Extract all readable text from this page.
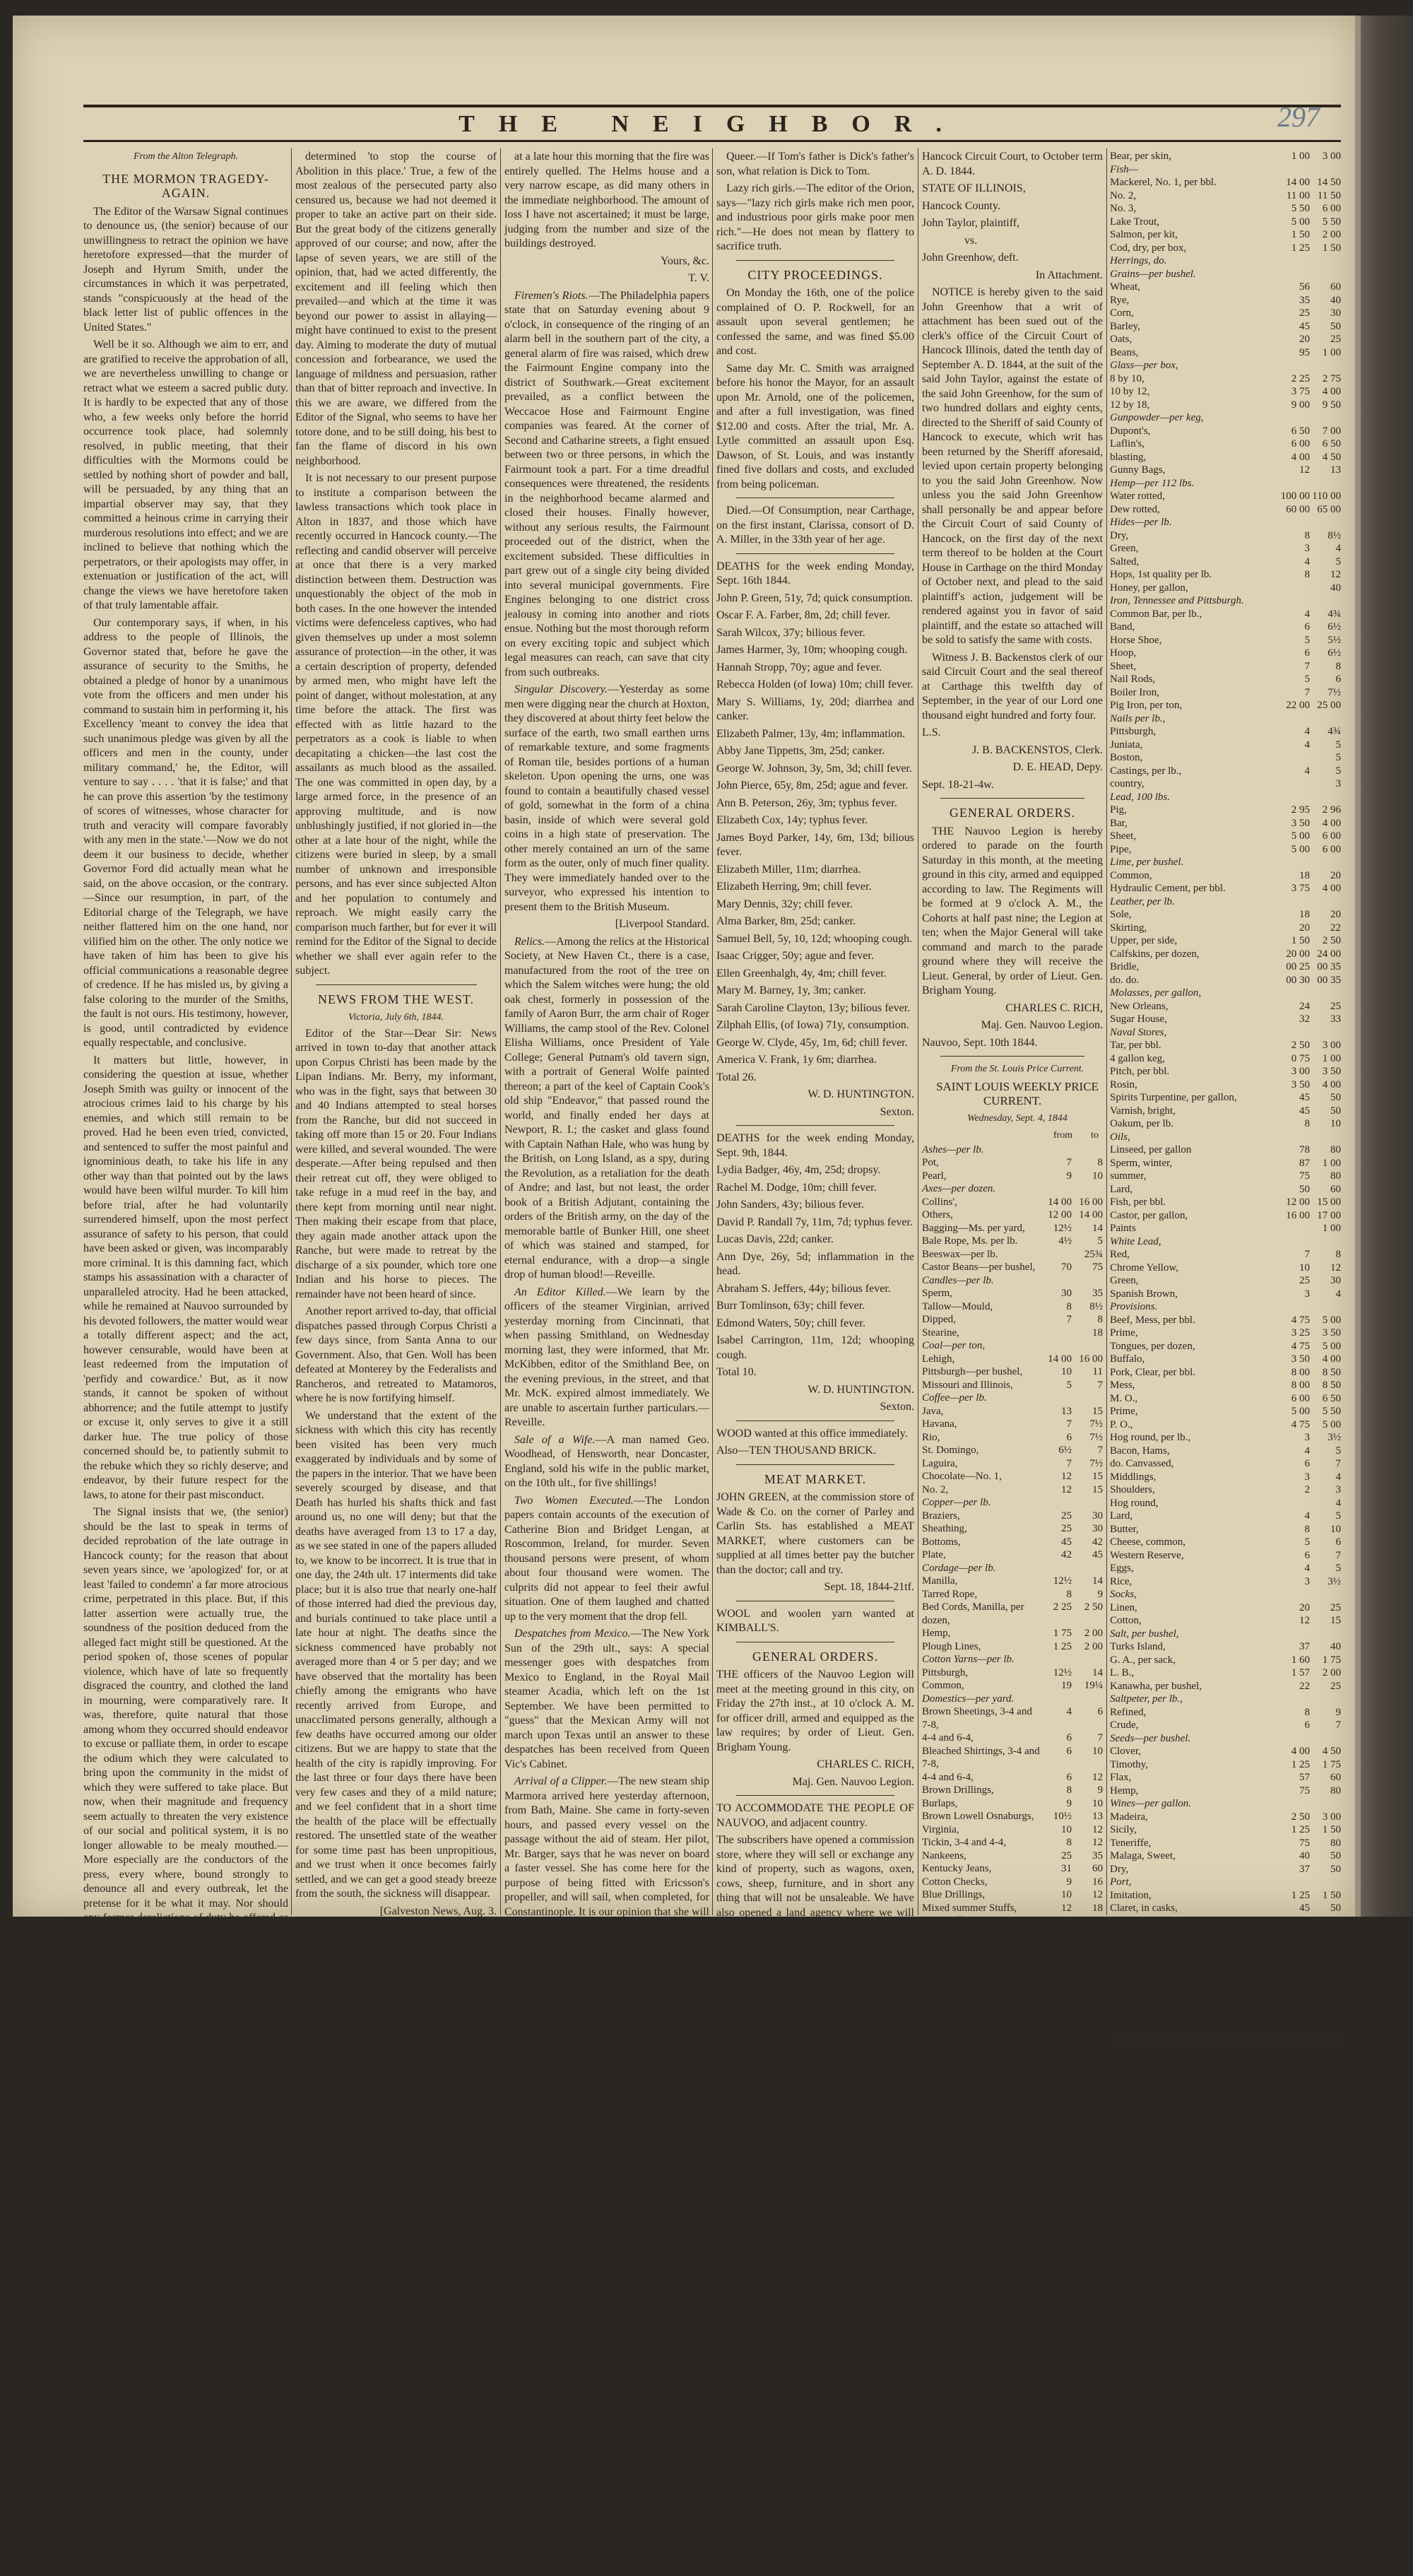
THE NEIGHBOR.	297

From the Alton Telegraph.

THE MORMON TRAGEDY-AGAIN.

The Editor of the Warsaw Signal continues to denounce us, (the senior) because of our unwillingness to retract the opinion we have heretofore expressed—that the murder of Joseph and Hyrum Smith, under the circumstances in which it was perpetrated, stands "conspicuously at the head of the black letter list of public offences in the United States."

Well be it so. Although we aim to err, and are gratified to receive the approbation of all, we are nevertheless unwilling to change or retract what we esteem a sacred public duty. It is hardly to be expected that any of those who, a few weeks only before the horrid occurrence took place, had solemnly resolved, in public meeting, that their difficulties with the Mormons could be settled by nothing short of powder and ball, will be persuaded, by any thing that an impartial observer may say, that they committed a heinous crime in carrying their murderous resolutions into effect; and we are inclined to believe that nothing which the perpetrators, or their apologists may offer, in extenuation or justification of the act, will change the views we have heretofore taken of that truly lamentable affair.

Our contemporary says, if when, in his address to the people of Illinois, the Governor stated that, before he gave the assurance of security to the Smiths, he obtained a pledge of honor by a unanimous vote from the officers and men under his command to sustain him in performing it, his Excellency 'meant to convey the idea that such unanimous pledge was given by all the officers and men in the county, under military command,' he, the Editor, will venture to say . . . . 'that it is false;' and that he can prove this assertion 'by the testimony of scores of witnesses, whose character for truth and veracity will compare favorably with any men in the state.'—Now we do not deem it our business to decide, whether Governor Ford did actually mean what he said, on the above occasion, or the contrary.—Since our resumption, in part, of the Editorial charge of the Telegraph, we have neither flattered him on the one hand, nor vilified him on the other. The only notice we have taken of him has been to give his official communications a reasonable degree of credence. If he has misled us, by giving a false coloring to the murder of the Smiths, the fault is not ours. His testimony, however, is good, until contradicted by evidence equally respectable, and conclusive.

It matters but little, however, in considering the question at issue, whether Joseph Smith was guilty or innocent of the atrocious crimes laid to his charge by his enemies, and which still remain to be proved. Had he been even tried, convicted, and sentenced to suffer the most painful and ignominious death, to take his life in any other way than that pointed out by the laws would have been wilful murder. To kill him before trial, after he had voluntarily surrendered himself, upon the most perfect assurance of safety to his person, that could have been asked or given, was incomparably more criminal. It is this damning fact, which stamps his assassination with a character of unparalleled atrocity. Had he been attacked, while he remained at Nauvoo surrounded by his devoted followers, the matter would wear a totally different aspect; and the act, however censurable, would have been at least redeemed from the imputation of 'perfidy and cowardice.' But, as it now stands, it cannot be spoken of without abhorrence; and the futile attempt to justify or excuse it, only serves to give it a still darker hue. The true policy of those concerned should be, to patiently submit to the rebuke which they so richly deserve; and endeavor, by their future respect for the laws, to atone for their past misconduct.

The Signal insists that we, (the senior) should be the last to speak in terms of decided reprobation of the late outrage in Hancock county; for the reason that about seven years since, we 'apologized' for, or at least 'failed to condemn' a far more atrocious crime, perpetrated in this place. But, if this latter assertion were actually true, the soundness of the position deduced from the alleged fact might still be questioned. At the period spoken of, those scenes of popular violence, which have of late so frequently disgraced the country, and clothed the land in mourning, were comparatively rare. It was, therefore, quite natural that those among whom they occurred should endeavor to excuse or palliate them, in order to escape the odium which they were calculated to bring upon the community in the midst of which they were suffered to take place. But now, when their magnitude and frequency seem actually to threaten the very existence of our social and political system, it is no longer allowable to be mealy mouthed.—More especially are the conductors of the press, every where, bound strongly to denounce all and every outbreak, let the pretense for it be what it may. Nor should any former derelictions of duty be offered as an excuse for a similar neglect at a time like this, when a resort to mob violence appears to be so fearfully on the increase in almost every part of the Union.

But, it is not the fact, that we either 'apologized' for, or 'failed to condemn' the riots which unhappily occurred in this city in 1837. On the contrary, we denounced them in terms sufficiently decided to provoke the resentment of some of the individuals concerned, who anonymously threatened our press with demolition, and our person with violence, for having, as they alleged, spoken too harshly of 'those gentlemen' who had

determined 'to stop the course of Abolition in this place.' True, a few of the most zealous of the persecuted party also censured us, because we had not deemed it proper to take an active part on their side. But the great body of the citizens generally approved of our course; and now, after the lapse of seven years, we are still of the opinion, that, had we acted differently, the excitement and ill feeling which then prevailed—and which at the time it was beyond our power to assist in allaying—might have continued to exist to the present day. Aiming to moderate the duty of mutual concession and forbearance, we used the language of mildness and persuasion, rather than that of bitter reproach and invective. In this we are aware, we differed from the Editor of the Signal, who seems to have her totore done, and to be still doing, his best to fan the flame of discord in his own neighborhood.

It is not necessary to our present purpose to institute a comparison between the lawless transactions which took place in Alton in 1837, and those which have recently occurred in Hancock county.—The reflecting and candid observer will perceive at once that there is a very marked distinction between them. Destruction was unquestionably the object of the mob in both cases. In the one however the intended victims were defenceless captives, who had given themselves up under a most solemn assurance of protection—in the other, it was a certain description of property, defended by armed men, who might have left the point of danger, without molestation, at any time before the attack. The first was effected with as little hazard to the perpetrators as a cook is liable to when decapitating a chicken—the last cost the assailants as much blood as the assailed. The one was committed in open day, by a large armed force, in the presence of an approving multitude, and is now unblushingly justified, if not gloried in—the other at a late hour of the night, while the citizens were buried in sleep, by a small number of unknown and irresponsible persons, and has ever since subjected Alton and her population to contumely and reproach. We might easily carry the comparison much farther, but for ever it will remind for the Editor of the Signal to decide whether we shall ever again refer to the subject.

NEWS FROM THE WEST.

Victoria, July 6th, 1844.

Editor of the Star—Dear Sir: News arrived in town to-day that another attack upon Corpus Christi has been made by the Lipan Indians. Mr. Berry, my informant, who was in the fight, says that between 30 and 40 Indians attempted to steal horses from the Ranche, but did not succeed in taking off more than 15 or 20. Four Indians were killed, and several wounded. The were desperate.—After being repulsed and then their retreat cut off, they were obliged to take refuge in a mud reef in the bay, and there kept from morning until near night. Then making their escape from that place, they again made another attack upon the Ranche, but were made to retreat by the discharge of a six pounder, which tore one Indian and his horse to pieces. The remainder have not been heard of since.

Another report arrived to-day, that official dispatches passed through Corpus Christi a few days since, from Santa Anna to our Government. Also, that Gen. Woll has been defeated at Monterey by the Federalists and Rancheros, and retreated to Matamoros, where he is now fortifying himself.

We understand that the extent of the sickness with which this city has recently been visited has been very much exaggerated by individuals and by some of the papers in the interior. That we have been severely scourged by disease, and that Death has hurled his shafts thick and fast around us, no one will deny; but that the deaths have averaged from 13 to 17 a day, as we see stated in one of the papers alluded to, we know to be incorrect. It is true that in one day, the 24th ult. 17 interments did take place; but it is also true that nearly one-half of those interred had died the previous day, and burials continued to take place until a late hour at night. The deaths since the sickness commenced have probably not averaged more than 4 or 5 per day; and we have observed that the mortality has been chiefly among the emigrants who have recently arrived from Europe, and unacclimated persons generally, although a few deaths have occurred among our older citizens. But we are happy to state that the health of the city is rapidly improving. For the last three or four days there have been very few cases and they of a mild nature; and we feel confident that in a short time the health of the place will be effectually restored. The unsettled state of the weather for some time past has been unpropitious, and we trust when it once becomes fairly settled, and we can get a good steady breeze from the south, the sickness will disappear.

[Galveston News, Aug. 3.

Great Fire in Cincinnati.

A friend has kindly sent us the following:

To the Editor of the Louisville Journal: Cincinnati, September 9th. Gentlemen:—At two o'clock this morning a fire broke out near the Broadway House, on the opposite corner, consuming some three or four houses on Broadway, and destroying to a great extent, as many more on Main street. The buildings situated on Broadway are entirely consumed, and caught but the chimneys remain to mark the spot on Market, the third floors and roof of the Columbus House, and those adjoining on the same street, were consumed. It was

at a late hour this morning that the fire was entirely quelled. The Helms house and a very narrow escape, as did many others in the immediate neighborhood. The amount of loss I have not ascertained; it must be large, judging from the number and size of the buildings destroyed.

Yours, &c.

T. V.

Firemen's Riots.—The Philadelphia papers state that on Saturday evening about 9 o'clock, in consequence of the ringing of an alarm bell in the southern part of the city, a general alarm of fire was raised, which drew the Fairmount Engine company into the district of Southwark.—Great excitement prevailed, as a conflict between the Weccacoe Hose and Fairmount Engine companies was feared. At the corner of Second and Catharine streets, a fight ensued between two or three persons, in which the Fairmount took a part. For a time dreadful consequences were threatened, the residents in the neighborhood became alarmed and closed their houses. Finally however, without any serious results, the Fairmount proceeded out of the district, when the excitement subsided. These difficulties in part grew out of a single city being divided into several municipal governments. Fire Engines belonging to one district cross jealousy in coming into another and riots ensue. Nothing but the most thorough reform on every exciting topic and subject which legal measures can reach, can save that city from such outbreaks.

Singular Discovery.—Yesterday as some men were digging near the church at Hoxton, they discovered at about thirty feet below the surface of the earth, two small earthen urns of remarkable texture, and some fragments of Roman tile, besides portions of a human skeleton. Upon opening the urns, one was found to contain a beautifully chased vessel of gold, somewhat in the form of a china basin, inside of which were several gold coins in a high state of preservation. The other merely contained an urn of the same form as the outer, only of much finer quality. They were immediately handed over to the surveyor, who expressed his intention to present them to the British Museum.

[Liverpool Standard.

Relics.—Among the relics at the Historical Society, at New Haven Ct., there is a case, manufactured from the root of the tree on which the Salem witches were hung; the old oak chest, formerly in possession of the family of Aaron Burr, the arm chair of Roger Williams, the camp stool of the Rev. Colonel Elisha Williams, once President of Yale College; General Putnam's old tavern sign, with a portrait of General Wolfe painted thereon; a part of the keel of Captain Cook's old ship "Endeavor," that passed round the world, and finally ended her days at Newport, R. I.; the casket and glass found with Captain Nathan Hale, who was hung by the British, on Long Island, as a spy, during the Revolution, as a retaliation for the death of Andre; and last, but not least, the order book of a British Adjutant, containing the orders of the British army, on the day of the memorable battle of Bunker Hill, one sheet of which was stained and stamped, for eternal endurance, with a drop—a single drop of human blood!—Reveille.

An Editor Killed.—We learn by the officers of the steamer Virginian, arrived yesterday morning from Cincinnati, that when passing Smithland, on Wednesday morning last, they were informed, that Mr. McKibben, editor of the Smithland Bee, on the evening previous, in the street, and that Mr. McK. expired almost immediately. We are unable to ascertain further particulars.—Reveille.

Sale of a Wife.—A man named Geo. Woodhead, of Hensworth, near Doncaster, England, sold his wife in the public market, on the 10th ult., for five shillings!

Two Women Executed.—The London papers contain accounts of the execution of Catherine Bion and Bridget Lengan, at Roscommon, Ireland, for murder. Seven thousand persons were present, of whom about four thousand were women. The culprits did not appear to feel their awful situation. One of them laughed and chatted up to the very moment that the drop fell.

Despatches from Mexico.—The New York Sun of the 29th ult., says: A special messenger goes with despatches from Mexico to England, in the Royal Mail steamer Acadia, which left on the 1st September. We have been permitted to "guess" that the Mexican Army will not march upon Texas until an answer to these despatches has been received from Queen Vic's Cabinet.

Arrival of a Clipper.—The new steam ship Marmora arrived here yesterday afternoon, from Bath, Maine. She came in forty-seven hours, and passed every vessel on the passage without the aid of steam. Her pilot, Mr. Barger, says that he was never on board a faster vessel. She has come here for the purpose of being fitted with Ericsson's propeller, and will sail, when completed, for Constantinople. It is our opinion that she will astonish the Turks.

[N. Y. Herald.

Mr. Gun advertises his son in one of the papers as a thief. The son-of-a-gun ought to be published, says the Ledger.

Queer.—If Tom's father is Dick's father's son, what relation is Dick to Tom.

Lazy rich girls.—The editor of the Orion, says—"lazy rich girls make rich men poor, and industrious poor girls make poor men rich."—He does not mean by flattery to sacrifice truth.

CITY PROCEEDINGS.

On Monday the 16th, one of the police complained of O. P. Rockwell, for an assault upon several gentlemen; he confessed the same, and was fined $5.00 and cost.

Same day Mr. C. Smith was arraigned before his honor the Mayor, for an assault upon Mr. Arnold, one of the policemen, and after a full investigation, was fined $12.00 and costs. After the trial, Mr. A. Lytle committed an assault upon Esq. Dawson, of St. Louis, and was instantly fined five dollars and costs, and excluded from being policeman.

Died.—Of Consumption, near Carthage, on the first instant, Clarissa, consort of D. A. Miller, in the 33th year of her age.

DEATHS for the week ending Monday, Sept. 16th 1844.

John P. Green, 51y, 7d; quick consumption.

Oscar F. A. Farber, 8m, 2d; chill fever.

Sarah Wilcox, 37y; bilious fever.

James Harmer, 3y, 10m; whooping cough.

Hannah Stropp, 70y; ague and fever.

Rebecca Holden (of Iowa) 10m; chill fever.

Mary S. Williams, 1y, 20d; diarrhea and canker.

Elizabeth Palmer, 13y, 4m; inflammation.

Abby Jane Tippetts, 3m, 25d; canker.

George W. Johnson, 3y, 5m, 3d; chill fever.

John Pierce, 65y, 8m, 25d; ague and fever.

Ann B. Peterson, 26y, 3m; typhus fever.

Elizabeth Cox, 14y; typhus fever.

James Boyd Parker, 14y, 6m, 13d; bilious fever.

Elizabeth Miller, 11m; diarrhea.

Elizabeth Herring, 9m; chill fever.

Mary Dennis, 32y; chill fever.

Alma Barker, 8m, 25d; canker.

Samuel Bell, 5y, 10, 12d; whooping cough.

Isaac Crigger, 50y; ague and fever.

Ellen Greenhalgh, 4y, 4m; chill fever.

Mary M. Barney, 1y, 3m; canker.

Sarah Caroline Clayton, 13y; bilious fever.

Zilphah Ellis, (of Iowa) 71y, consumption.

George W. Clyde, 45y, 1m, 6d; chill fever.

America V. Frank, 1y 6m; diarrhea.

Total 26.

W. D. HUNTINGTON.

Sexton.

DEATHS for the week ending Monday, Sept. 9th, 1844.

Lydia Badger, 46y, 4m, 25d; dropsy.

Rachel M. Dodge, 10m; chill fever.

John Sanders, 43y; bilious fever.

David P. Randall 7y, 11m, 7d; typhus fever.

Lucas Davis, 22d; canker.

Ann Dye, 26y, 5d; inflammation in the head.

Abraham S. Jeffers, 44y; bilious fever.

Burr Tomlinson, 63y; chill fever.

Edmond Waters, 50y; chill fever.

Isabel Carrington, 11m, 12d; whooping cough.

Total 10.

W. D. HUNTINGTON.

Sexton.

WOOD wanted at this office immediately.

Also—TEN THOUSAND BRICK.

MEAT MARKET.

JOHN GREEN, at the commission store of Wade & Co. on the corner of Parley and Carlin Sts. has established a MEAT MARKET, where customers can be supplied at all times better pay the butcher than the doctor; call and try.

Sept. 18, 1844-21tf.

WOOL and woolen yarn wanted at KIMBALL'S.

GENERAL ORDERS.

THE officers of the Nauvoo Legion will meet at the meeting ground in this city, on Friday the 27th inst., at 10 o'clock A. M. for officer drill, armed and equipped as the law requires; by order of Lieut. Gen. Brigham Young.

CHARLES C. RICH,

Maj. Gen. Nauvoo Legion.

TO ACCOMMODATE THE PEOPLE OF NAUVOO, and adjacent country.

The subscribers have opened a commission store, where they will sell or exchange any kind of property, such as wagons, oxen, cows, sheep, furniture, and in short any thing that will not be unsaleable. We have also opened a land agency where we will take houses, lots, lands to sell or exchange so as to suit customers. Persons having any thing to sell or exchange who are to come to us; having been long in the business, we think to give entire satisfaction. Farmers having wheat or other grain in the country will do well to leave it at the store, on Parley street, one block east of Main.

WADE & CO.

Sept 3-3m.

Hancock Circuit Court, to October term A. D. 1844.

STATE OF ILLINOIS,

Hancock County.

John Taylor, plaintiff,

vs.

John Greenhow, deft.

In Attachment.

NOTICE is hereby given to the said John Greenhow that a writ of attachment has been sued out of the clerk's office of the Circuit Court of Hancock Illinois, dated the tenth day of September A. D. 1844, at the suit of the said John Taylor, against the estate of the said John Greenhow, for the sum of two hundred dollars and eighty cents, directed to the Sheriff of said County of Hancock to execute, which writ has been returned by the Sheriff aforesaid, levied upon certain property belonging to you the said John Greenhow. Now unless you the said John Greenhow shall personally be and appear before the Circuit Court of said County of Hancock, on the first day of the next term thereof to be holden at the Court House in Carthage on the third Monday of October next, and plead to the said plaintiff's action, judgement will be rendered against you in favor of said plaintiff, and the estate so attached will be sold to satisfy the same with costs.

Witness J. B. Backenstos clerk of our said Circuit Court and the seal thereof at Carthage this twelfth day of September, in the year of our Lord one thousand eight hundred and forty four.

L.S.

J. B. BACKENSTOS, Clerk.

D. E. HEAD, Depy.

Sept. 18-21-4w.

GENERAL ORDERS.

THE Nauvoo Legion is hereby ordered to parade on the fourth Saturday in this month, at the meeting ground in this city, armed and equipped according to law. The Regiments will be formed at 9 o'clock A. M., the Cohorts at half past nine; the Legion at ten; when the Major General will take command and march to the parade ground where they will receive the Lieut. General, by order of Lieut. Gen. Brigham Young.

CHARLES C. RICH,

Maj. Gen. Nauvoo Legion.

Nauvoo, Sept. 10th 1844.

From the St. Louis Price Current.

SAINT LOUIS WEEKLY PRICE CURRENT.

Wednesday, Sept. 4, 1844

from to
Ashes—per lb.		
Pot,	7	8
Pearl,	9	10
Axes—per dozen.		
Collins',	14 00	16 00
Others,	12 00	14 00
Bagging—Ms. per yard,	12½	14
Bale Rope, Ms. per lb.	4½	5
Beeswax—per lb.		25¾
Castor Beans—per bushel,	70	75
Candles—per lb.		
Sperm,	30	35
Tallow—Mould,	8	8½
Dipped,	7	8
Stearine,		18
Coal—per ton,		
Lehigh,	14 00	16 00
Pittsburgh—per bushel,	10	11
Missouri and Illinois,	5	7
Coffee—per lb.		
Java,	13	15
Havana,	7	7½
Rio,	6	7½
St. Domingo,	6½	7
Laguira,	7	7½
Chocolate—No. 1,	12	15
No. 2,	12	15
Copper—per lb.		
Braziers,	25	30
Sheathing,	25	30
Bottoms,	45	42
Plate,	42	45
Cordage—per lb.		
Manilla,	12½	14
Tarred Rope,	8	9
Bed Cords, Manilla, per dozen,	2 25	2 50
Hemp,	1 75	2 00
Plough Lines,	1 25	2 00
Cotton Yarns—per lb.		
Pittsburgh,	12½	14
Common,	19	19¼
Domestics—per yard.		
Brown Sheetings, 3-4 and 7-8,	4	6
4-4 and 6-4,	6	7
Bleached Shirtings, 3-4 and 7-8,	6	10
4-4 and 6-4,	6	12
Brown Drillings,	8	9
Burlaps,	9	10
Brown Lowell Osnaburgs,	10½	13
Virginia,	10	12
Tickin, 3-4 and 4-4,	8	12
Nankeens,	25	35
Kentucky Jeans,	31	60
Cotton Checks,	9	16
Blue Drillings,	10	12
Mixed summer Stuffs,	12	18
Dye Stuffs—		
Madder, per lb.	12	15
Logwood,	1 25	1 41
Copperas,	2	2½
Camwood,	2 00	2 50
Fustic,	2 00	2 50
Drugs & Medicines.		
Saleratus, Western,	5	5¾
Eastern,	8	10
Alum, per lb.	4	5
Quinine per oz.	2 50	2 75
Brimstone,	5	6
Epsom Salts,	5	6
Flour Sulpher,	6	7
Cream Tartar,	25	30
Turkey Opium,	3 75	4 00
Camphor,	1 25	1 31
Gum Arabic,	25	37
Liquorice Paste,	25	30
Sal Soda,	9	11
Feathers—per lb.	21	22
Flour, Ms. per bbl.		
Fayet City Mills,	4 00	4 25
Country,	3 00	3 50
Rye,		3 50
Cornmeal, per bushel,	27	30
Fruits—		
Apples, dried, per bushel,	40	45
green, per bbl.,	2 25	2 50
Peaches dried, per bushel,	1 25	1 50
Almonds, s. s. per lb.	10	12
Raisins, M. R. per box,	2 25	2 50
B. R. C.,	2 00	2 25
Prunes, per lb.	20	25
Currants, Zante,	12	14
Figs, per drum,	11	12
Lemons, per box,	5 00	6 00
Furs & Peltries.		
Bear skins, per hide,	1 00	4 00
Deer shaves, per lb.,	23	25
Red and Blue, in hair,	26	28
Grey,	25	30
Beaver,	2 00	2 25
Otter, per skin,	2 00	5 00
Muskrat,	5	25
Raccoon,	5	25
Wild Cat,	10	25
Fox, grey,	5	25
Mink,	15	50
Bear, per skin,	1 00	3 00
Fish—		
Mackerel, No. 1, per bbl.	14 00	14 50
No. 2,	11 00	11 50
No. 3,	5 50	6 00
Lake Trout,	5 00	5 50
Salmon, per kit,	1 50	2 00
Cod, dry, per box,	1 25	1 50
Herrings, do.		
Grains—per bushel.		
Wheat,	56	60
Rye,	35	40
Corn,	25	30
Barley,	45	50
Oats,	20	25
Beans,	95	1 00
Glass—per box,		
8 by 10,	2 25	2 75
10 by 12,	3 75	4 00
12 by 18,	9 00	9 50
Gunpowder—per keg,		
Dupont's,	6 50	7 00
Laflin's,	6 00	6 50
blasting,	4 00	4 50
Gunny Bags,	12	13
Hemp—per 112 lbs.		
Water rotted,	100 00	110 00
Dew rotted,	60 00	65 00
Hides—per lb.		
Dry,	8	8½
Green,	3	4
Salted,	4	5
Hops, 1st quality per lb.	8	12
Honey, per gallon,		40
Iron, Tennessee and Pittsburgh.		
Common Bar, per lb.,	4	4¾
Band,	6	6½
Horse Shoe,	5	5½
Hoop,	6	6½
Sheet,	7	8
Nail Rods,	5	6
Boiler Iron,	7	7½
Pig Iron, per ton,	22 00	25 00
Nails per lb.,		
Pittsburgh,	4	4¾
Juniata,	4	5
Boston,		5
Castings, per lb.,	4	5
country,		3
Lead, 100 lbs.		
Pig,	2 95	2 96
Bar,	3 50	4 00
Sheet,	5 00	6 00
Pipe,	5 00	6 00
Lime, per bushel.		
Common,	18	20
Hydraulic Cement, per bbl.	3 75	4 00
Leather, per lb.		
Sole,	18	20
Skirting,	20	22
Upper, per side,	1 50	2 50
Calfskins, per dozen,	20 00	24 00
Bridle,	00 25	00 35
do. do.	00 30	00 35
Molasses, per gallon,		
New Orleans,	24	25
Sugar House,	32	33
Naval Stores,		
Tar, per bbl.	2 50	3 00
4 gallon keg,	0 75	1 00
Pitch, per bbl.	3 00	3 50
Rosin,	3 50	4 00
Spirits Turpentine, per gallon,	45	50
Varnish, bright,	45	50
Oakum, per lb.	8	10
Oils,		
Linseed, per gallon	78	80
Sperm, winter,	87	1 00
summer,	75	80
Lard,	50	60
Fish, per bbl.	12 00	15 00
Castor, per gallon,	16 00	17 00
Paints		1 00
White Lead,		
Red,	7	8
Chrome Yellow,	10	12
Green,	25	30
Spanish Brown,	3	4
Provisions.		
Beef, Mess, per bbl.	4 75	5 00
Prime,	3 25	3 50
Tongues, per dozen,	4 75	5 00
Buffalo,	3 50	4 00
Pork, Clear, per bbl.	8 00	8 50
Mess,	8 00	8 50
M. O.,	6 00	6 50
Prime,	5 00	5 50
P. O.,	4 75	5 00
Hog round, per lb.,	3	3½
Bacon, Hams,	4	5
do. Canvassed,	6	7
Middlings,	3	4
Shoulders,	2	3
Hog round,		4
Lard,	4	5
Butter,	8	10
Cheese, common,	5	6
Western Reserve,	6	7
Eggs,	4	5
Rice,	3	3½
Socks,		
Linen,	20	25
Cotton,	12	15
Salt, per bushel,		
Turks Island,	37	40
G. A., per sack,	1 60	1 75
L. B.,	1 57	2 00
Kanawha, per bushel,	22	25
Saltpeter, per lb.,		
Refined,	8	9
Crude,	6	7
Seeds—per bushel.		
Clover,	4 00	4 50
Timothy,	1 25	1 75
Flax,	57	60
Hemp,	75	80
Wines—per gallon.		
Madeira,	2 50	3 00
Sicily,	1 25	1 50
Teneriffe,	75	80
Malaga, Sweet,	40	50
Dry,	37	50
Port,		
Imitation,	1 25	1 50
Claret, in casks,	45	50
in cases,	4 00	4 50
Champagne,	8 00	11 00
Wool—per lb.		
Tow—per lb.	20	25
Wool—per lb.		
Live Stock.		
Beef Cattle, per cwt.,	3 00	3 50
Sheep, each	1 00	1 50
Hogs, dressed, per cwt.	2 00	2 25

ST. LOUIS BANK NOTE TABLE.

BASED UPON SPECIE.

Corrected weekly by George Anson, 61 Main Street.

St Louis Sep. 3.

Bank of Missouri	par.
do Branches	par.
City Warrants	par.
County Warrants	par.
Wisconsin Marine Insurance Co.	par.
State Bank of Illinois	25 a 35 dis.
Certificate of the State Bk. of Illinois	30 a 35 dis.
Bank of Illinois	35 to 36 dis.
Bank of Cairo	
Miners' Bank of Dubuque	
Ohio, country, generally	1¼ dis.
Cincinnati	1 dis.
State Bank of Indiana	1 dis.
Indiana Scrip	1 dis.
Kentucky Banks	1 dis.
United States Bank Notes	1 dis.
Pennsylvania, specie paying	1¼ dis.
Maryland	1 dis.
Virginia Banks	1 dis.
N. York and N. England Banks	1 dis.
Bank of Louisiana	1 dis.
Suspended New Orleans Banks,	1 dis.
Alabama	1 dis.
Arkansas Bank	1 dis.
Michigan Bank	1 dis.
Georgia Bank	1 dis.
Treasury Notes	1 dis.
Exchange on Boston, New York, Philad.	par to 1 prem.
"Orleans, N. Y.	par to 1 prem.
